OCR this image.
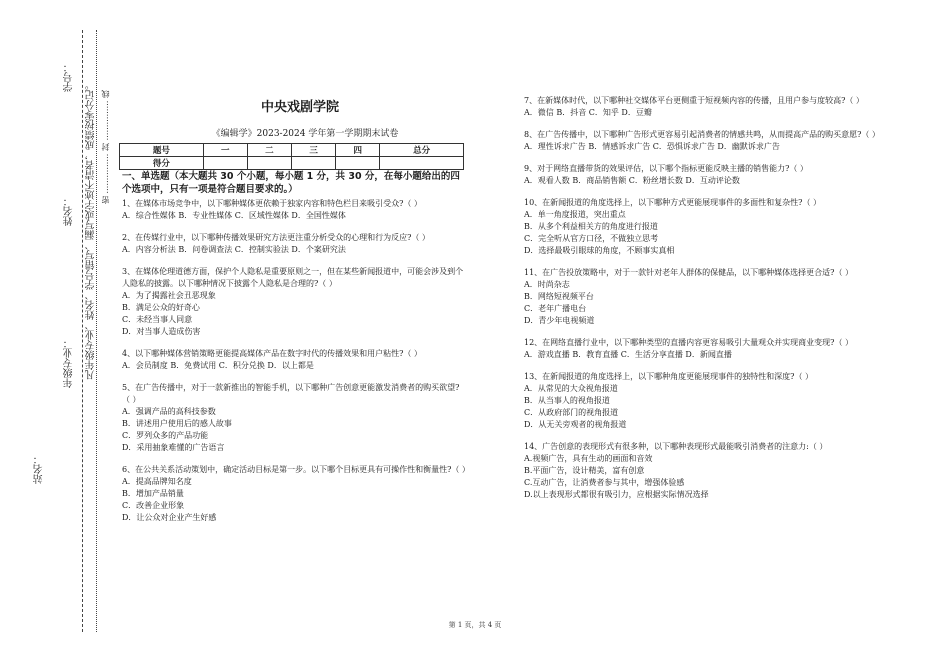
学号：
姓名：
年级专业：
站名：
凡年级专业、姓名、学号错写、漏写或字迹不清者，成绩按零分记。 密 …………… 封 …………… 线	中央戏剧学院
《编辑学》2023-2024 学年第一学期期末试卷
题号	一	二	三	四	总分
得分					
一、单选题（本大题共 30 个小题，每小题 1 分，共 30 分，在每小题给出的四个选项中，只有一项是符合题目要求的。）
1、在媒体市场竞争中，以下哪种媒体更依赖于独家内容和特色栏目来吸引受众?（ ）
A．综合性媒体 B．专业性媒体 C．区域性媒体 D．全国性媒体
2、在传媒行业中，以下哪种传播效果研究方法更注重分析受众的心理和行为反应?（ ）
A．内容分析法 B．问卷调查法 C．控制实验法 D．个案研究法
3、在媒体伦理道德方面，保护个人隐私是重要原则之一，但在某些新闻报道中，可能会涉及到个人隐私的披露。以下哪种情况下披露个人隐私是合理的?（ ）
A．为了揭露社会丑恶现象
B．满足公众的好奇心
C．未经当事人同意
D．对当事人造成伤害
4、以下哪种媒体营销策略更能提高媒体产品在数字时代的传播效果和用户粘性?（ ）
A．会员制度 B．免费试用 C．积分兑换 D．以上都是
5、在广告传播中，对于一款新推出的智能手机，以下哪种广告创意更能激发消费者的购买欲望?（ ）
A．强调产品的高科技参数
B．讲述用户使用后的感人故事
C．罗列众多的产品功能
D．采用抽象难懂的广告语言
6、在公共关系活动策划中，确定活动目标是第一步。以下哪个目标更具有可操作性和衡量性?（ ）
A．提高品牌知名度
B．增加产品销量
C．改善企业形象
D．让公众对企业产生好感
7、在新媒体时代，以下哪种社交媒体平台更侧重于短视频内容的传播，且用户参与度较高?（ ）
A．微信 B．抖音 C．知乎 D．豆瓣
8、在广告传播中，以下哪种广告形式更容易引起消费者的情感共鸣，从而提高产品的购买意愿?（ ）
A．理性诉求广告 B．情感诉求广告 C．恐惧诉求广告 D．幽默诉求广告
9、对于网络直播带货的效果评估，以下哪个指标更能反映主播的销售能力?（ ）
A．观看人数 B．商品销售额 C．粉丝增长数 D．互动评论数
10、在新闻报道的角度选择上，以下哪种方式更能展现事件的多面性和复杂性?（ ）
A．单一角度报道，突出重点
B．从多个利益相关方的角度进行报道
C．完全听从官方口径，不做独立思考
D．选择最吸引眼球的角度，不顾事实真相
11、在广告投放策略中，对于一款针对老年人群体的保健品，以下哪种媒体选择更合适?（ ）
A．时尚杂志
B．网络短视频平台
C．老年广播电台
D．青少年电视频道
12、在网络直播行业中，以下哪种类型的直播内容更容易吸引大量观众并实现商业变现?（ ）
A．游戏直播 B．教育直播 C．生活分享直播 D．新闻直播
13、在新闻报道的角度选择上，以下哪种角度更能展现事件的独特性和深度?（ ）
A．从常见的大众视角报道
B．从当事人的视角报道
C．从政府部门的视角报道
D．从无关旁观者的视角报道
14、广告创意的表现形式有很多种，以下哪种表现形式最能吸引消费者的注意力:（ ）
A.视频广告，具有生动的画面和音效
B.平面广告，设计精美，富有创意
C.互动广告，让消费者参与其中，增强体验感
D.以上表现形式都很有吸引力，应根据实际情况选择
第 1 页，共 4 页
